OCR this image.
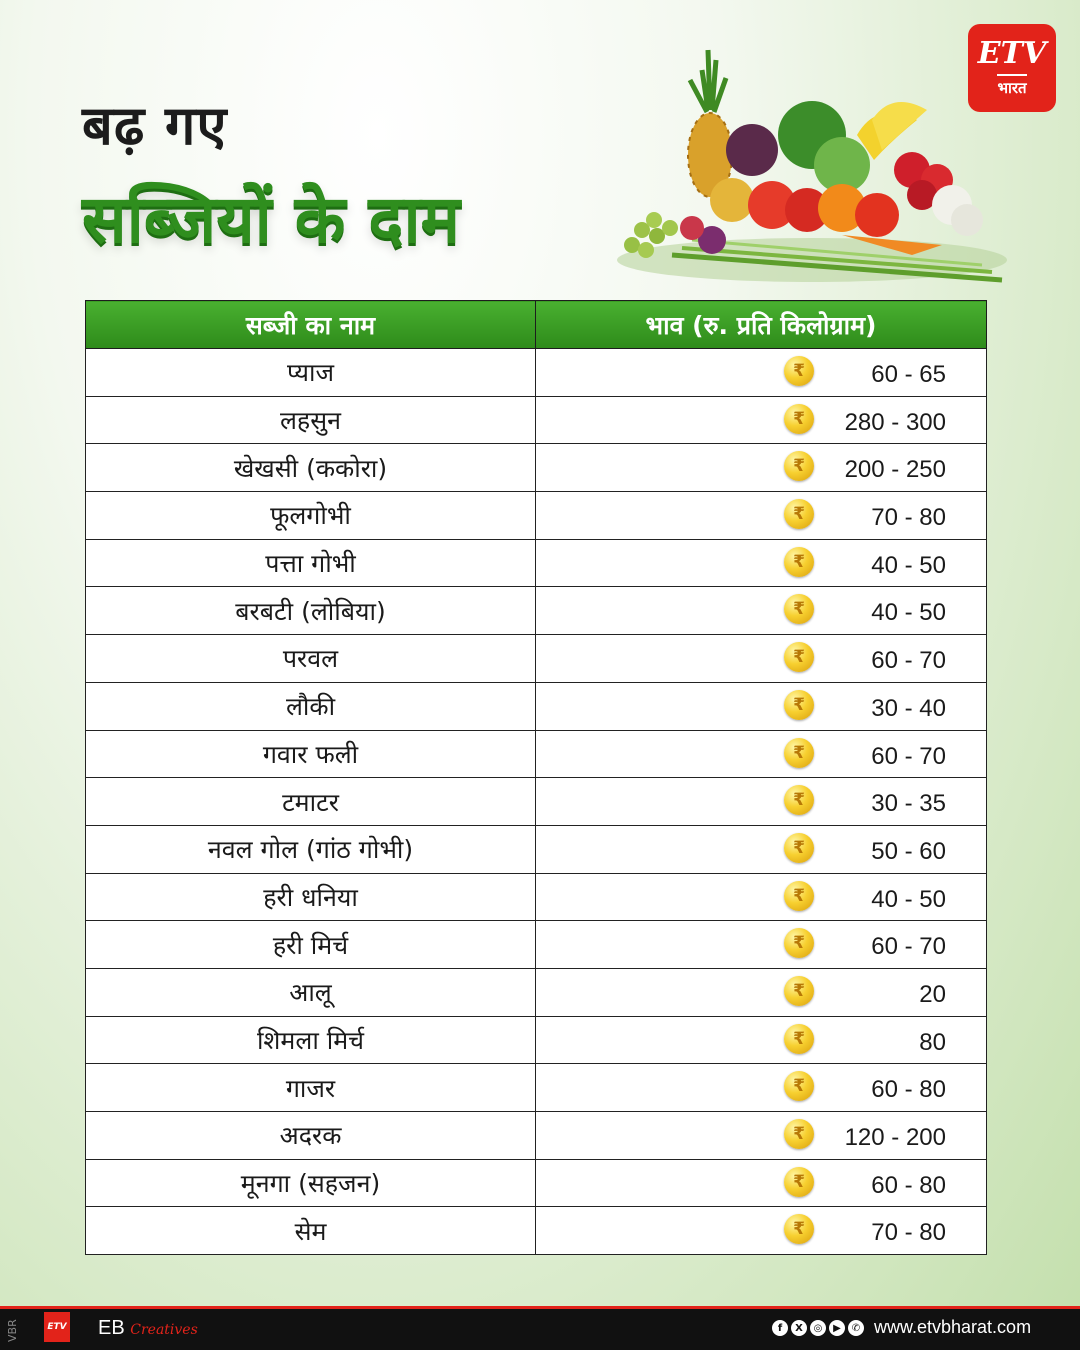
बढ़ गए
सब्जियों के दाम
ETV
भारत
सब्जी का नाम	भाव (रु. प्रति किलोग्राम)
प्याज	₹ 60 - 65

लहसुन	₹ 280 - 300

खेखसी (ककोरा)	₹ 200 - 250

फूलगोभी	₹ 70 - 80

पत्ता गोभी	₹ 40 - 50

बरबटी (लोबिया)	₹ 40 - 50

परवल	₹ 60 - 70

लौकी	₹ 30 - 40

गवार फली	₹ 60 - 70

टमाटर	₹ 30 - 35

नवल गोल (गांठ गोभी)	₹ 50 - 60

हरी धनिया	₹ 40 - 50

हरी मिर्च	₹ 60 - 70

आलू	₹ 20

शिमला मिर्च	₹ 80

गाजर	₹ 60 - 80

अदरक	₹ 120 - 200

मूनगा (सहजन)	₹ 60 - 80

सेम	₹ 70 - 80
VBR	ETV EB Creatives	f	X	◎	▶	✆ www.etvbharat.com
